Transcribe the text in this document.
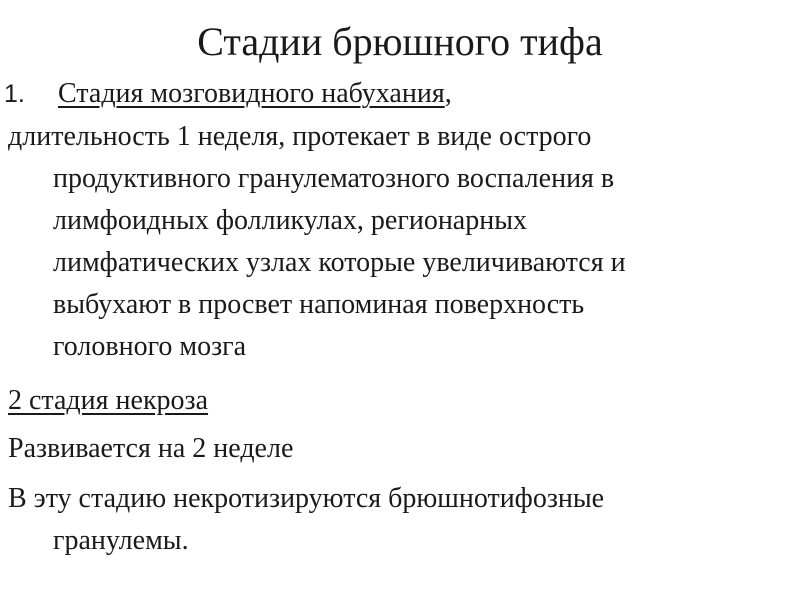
Стадии брюшного тифа
1. Стадия мозговидного набухания,
длительность 1 неделя, протекает в виде острого
продуктивного гранулематозного воспаления в
лимфоидных фолликулах, регионарных
лимфатических узлах которые увеличиваются и
выбухают в просвет напоминая поверхность
головного мозга
2 стадия некроза
Развивается на 2 неделе
В эту стадию некротизируются брюшнотифозные
гранулемы.
